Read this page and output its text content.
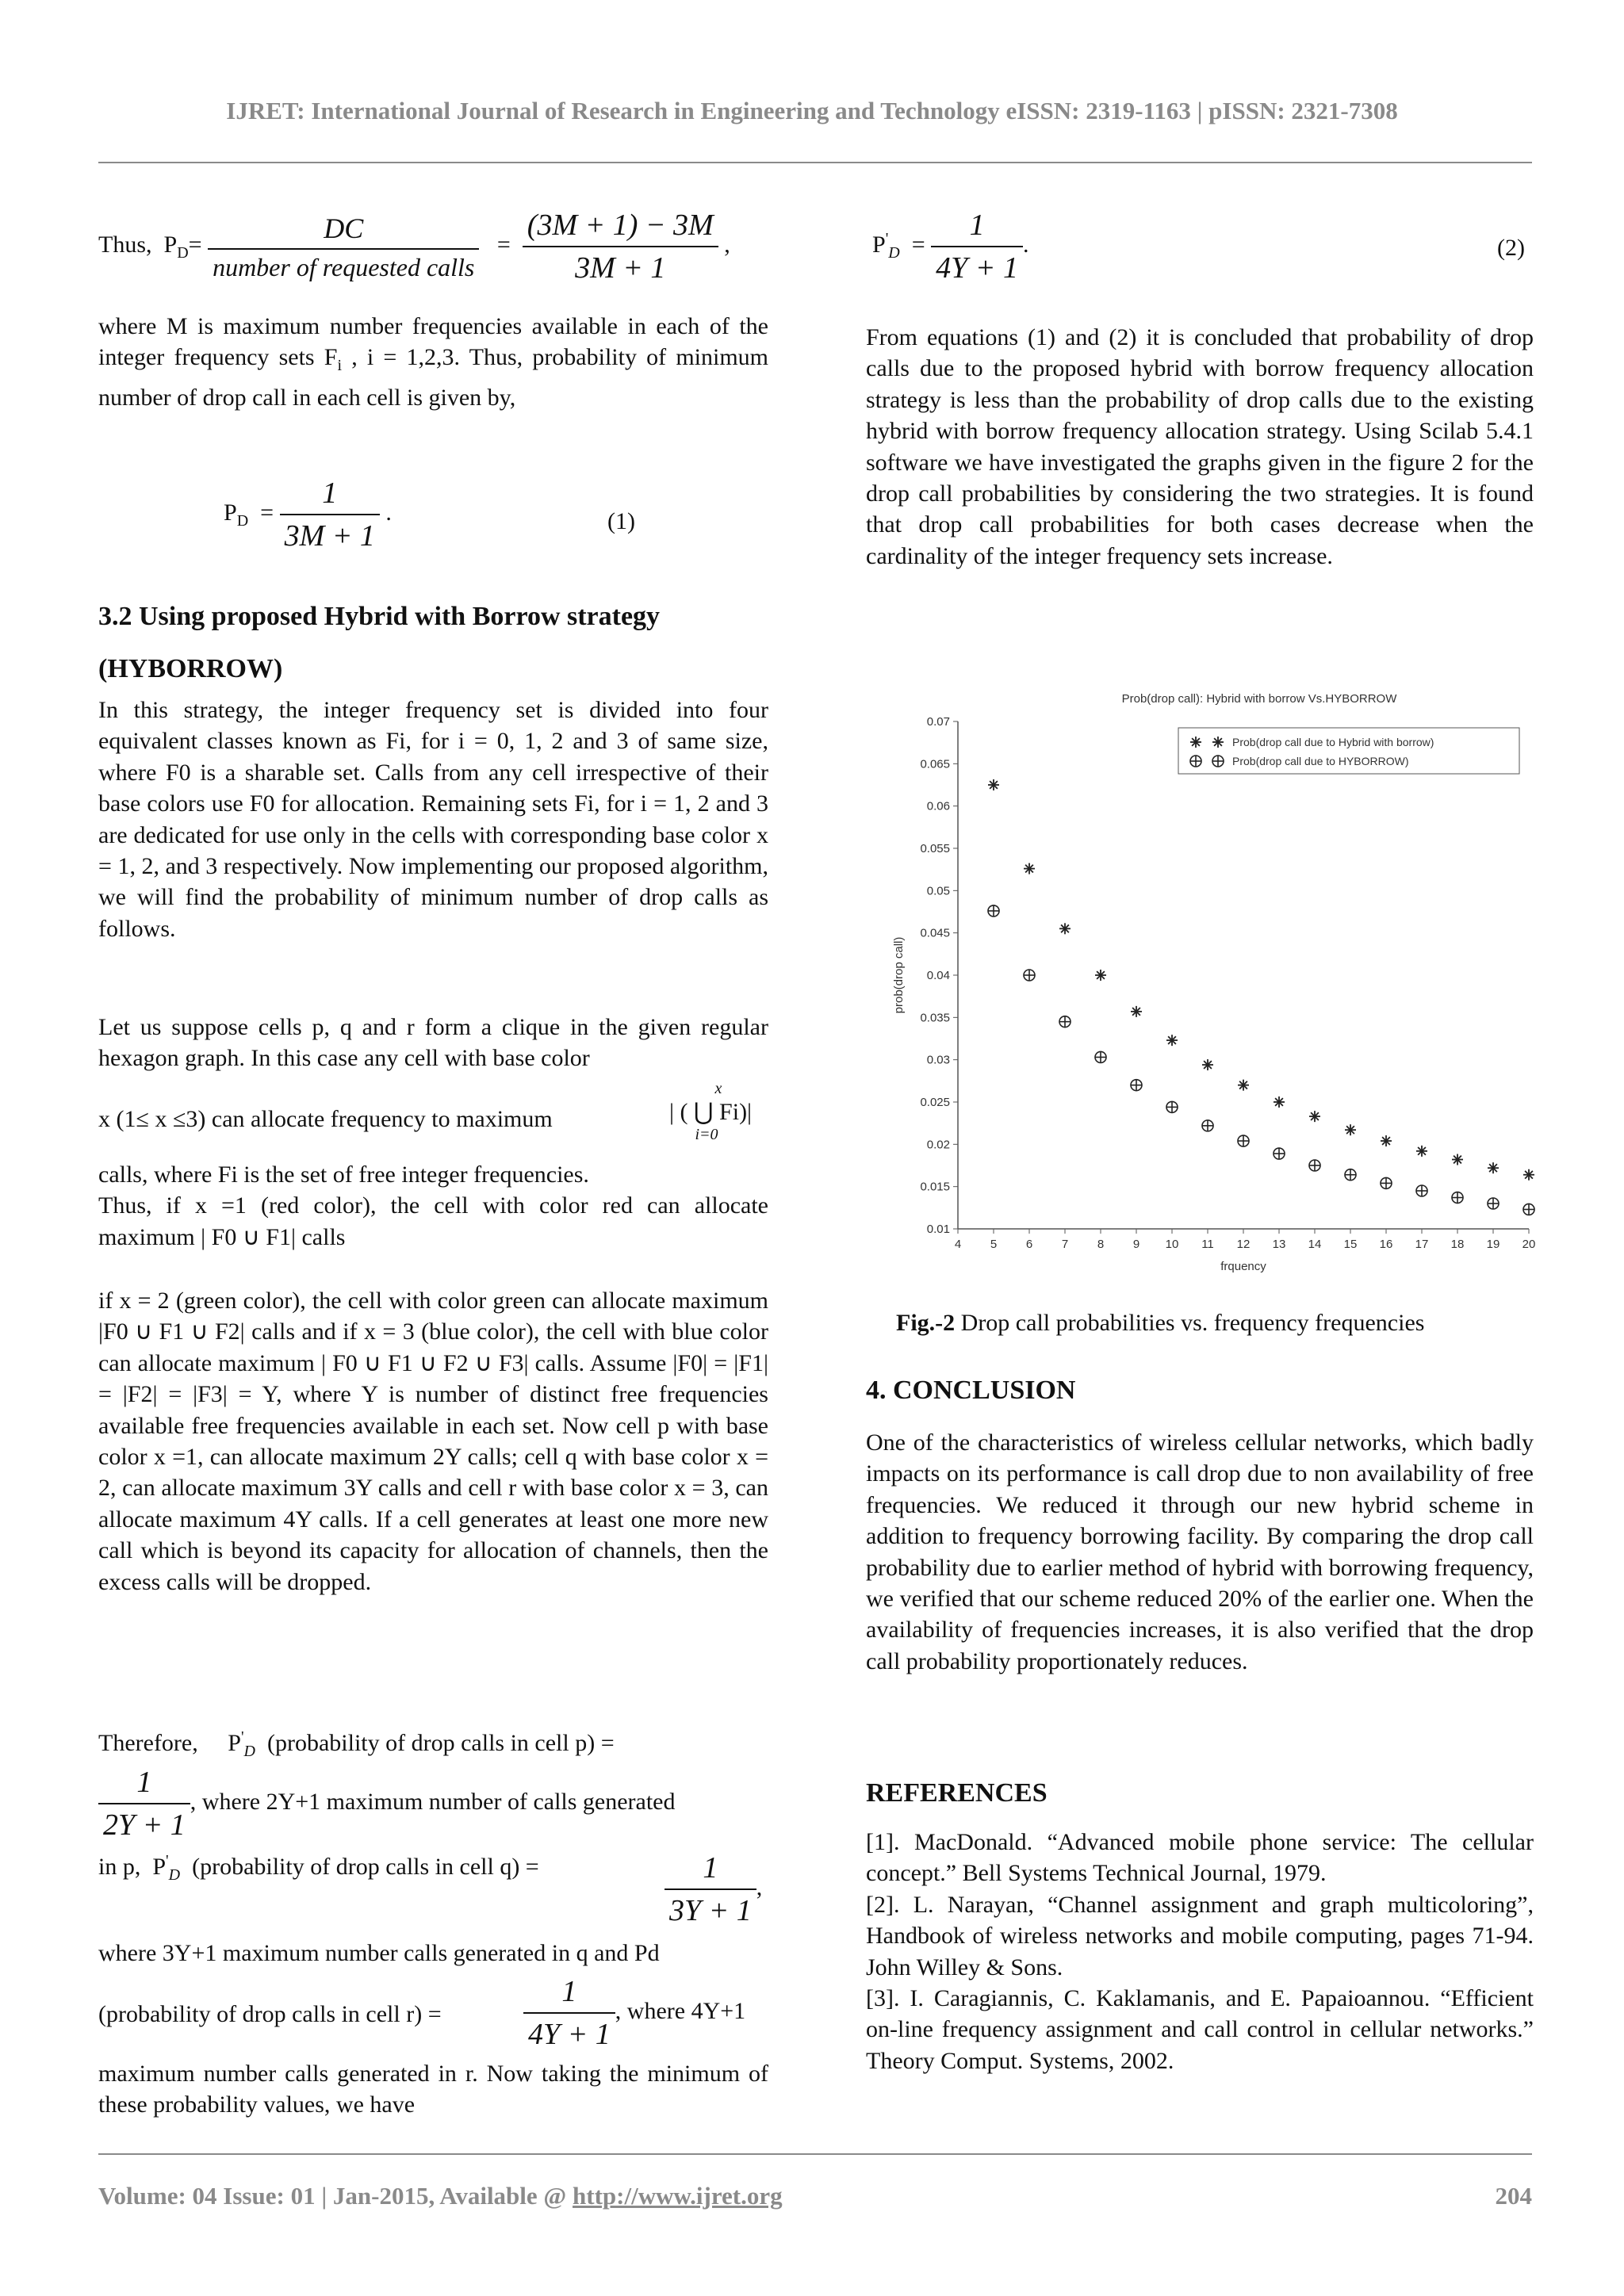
IJRET: International Journal of Research in Engineering and Technology eISSN: 2319-1163 | pISSN: 2321-7308
Thus, $P_D= \frac{DC}{\text{number of requested calls}} = \frac{(3M + 1) - 3M}{3M + 1}$ ,

where M is maximum number frequencies available in each of the integer frequency sets $F_i$ , i = 1,2,3. Thus, probability of minimum number of drop call in each cell is given by,

$P_D = \frac{1}{3M + 1}$ .	(1)

3.2 Using proposed Hybrid with Borrow strategy

(HYBORROW)

In this strategy, the integer frequency set is divided into four equivalent classes known as Fi, for i = 0, 1, 2 and 3 of same size, where F0 is a sharable set. Calls from any cell irrespective of their base colors use F0 for allocation. Remaining sets Fi, for i = 1, 2 and 3 are dedicated for use only in the cells with corresponding base color x = 1, 2, and 3 respectively. Now implementing our proposed algorithm, we will find the probability of minimum number of drop calls as follows.

Let us suppose cells p, q and r form a clique in the given regular hexagon graph. In this case any cell with base color

x (1≤ x ≤3) can allocate frequency to maximum

x
| ( ⋃ Fi)|
i=0

calls, where Fi is the set of free integer frequencies.

Thus, if x =1 (red color), the cell with color red can allocate maximum | F0 ∪ F1| calls

if x = 2 (green color), the cell with color green can allocate maximum |F0 ∪ F1 ∪ F2| calls and if x = 3 (blue color), the cell with blue color can allocate maximum | F0 ∪ F1 ∪ F2 ∪ F3| calls. Assume |F0| = |F1| = |F2| = |F3| = Y, where Y is number of distinct free frequencies available free frequencies available in each set. Now cell p with base color x =1, can allocate maximum 2Y calls; cell q with base color x = 2, can allocate maximum 3Y calls and cell r with base color x = 3, can allocate maximum 4Y calls. If a cell generates at least one more new call which is beyond its capacity for allocation of channels, then the excess calls will be dropped.

Therefore,     $P'_D$ (probability of drop calls in cell p) =

$\frac{1}{2Y + 1}$ , where 2Y+1 maximum number of calls generated
in p,  $P'_D$ (probability of drop calls in cell q) =	$\frac{1}{3Y + 1}$ ,

where 3Y+1 maximum number calls generated in q and Pd

(probability of drop calls in cell r) =	$\frac{1}{4Y + 1}$ , where 4Y+1

maximum number calls generated in r. Now taking the minimum of these probability values, we have

$P'_D = \frac{1}{4Y + 1}$ .	(2)

From equations (1) and (2) it is concluded that probability of drop calls due to the proposed hybrid with borrow frequency allocation strategy is less than the probability of drop calls due to the existing hybrid with borrow frequency allocation strategy. Using Scilab 5.4.1 software we have investigated the graphs given in the figure 2 for the drop call probabilities by considering the two strategies. It is found that drop call probabilities for both cases decrease when the cardinality of the integer frequency sets increase.

Prob(drop call): Hybrid with borrow Vs.HYBORROW
0.01
0.015
0.02
0.025
0.03
0.035
0.04
0.045
0.05
0.055
0.06
0.065
0.07
4 5 6 7 8 9 10 11 12 13 14 15 16 17 18 19 20
frquency
prob(drop call)
Prob(drop call due to Hybrid with borrow)
Prob(drop call due to HYBORROW)
Fig.-2 Drop call probabilities vs. frequency frequencies

4. CONCLUSION

One of the characteristics of wireless cellular networks, which badly impacts on its performance is call drop due to non availability of free frequencies. We reduced it through our new hybrid scheme in addition to frequency borrowing facility. By comparing the drop call probability due to earlier method of hybrid with borrowing frequency, we verified that our scheme reduced 20% of the earlier one. When the availability of frequencies increases, it is also verified that the drop call probability proportionately reduces.

REFERENCES

[1]. MacDonald. “Advanced mobile phone service: The cellular concept.” Bell Systems Technical Journal, 1979.

[2]. L. Narayan, “Channel assignment and graph multicoloring”, Handbook of wireless networks and mobile computing, pages 71-94. John Willey & Sons.

[3]. I. Caragiannis, C. Kaklamanis, and E. Papaioannou. “Efficient on-line frequency assignment and call control in cellular networks.” Theory Comput. Systems, 2002.

Volume: 04 Issue: 01 | Jan-2015, Available @ http://www.ijret.org	204
